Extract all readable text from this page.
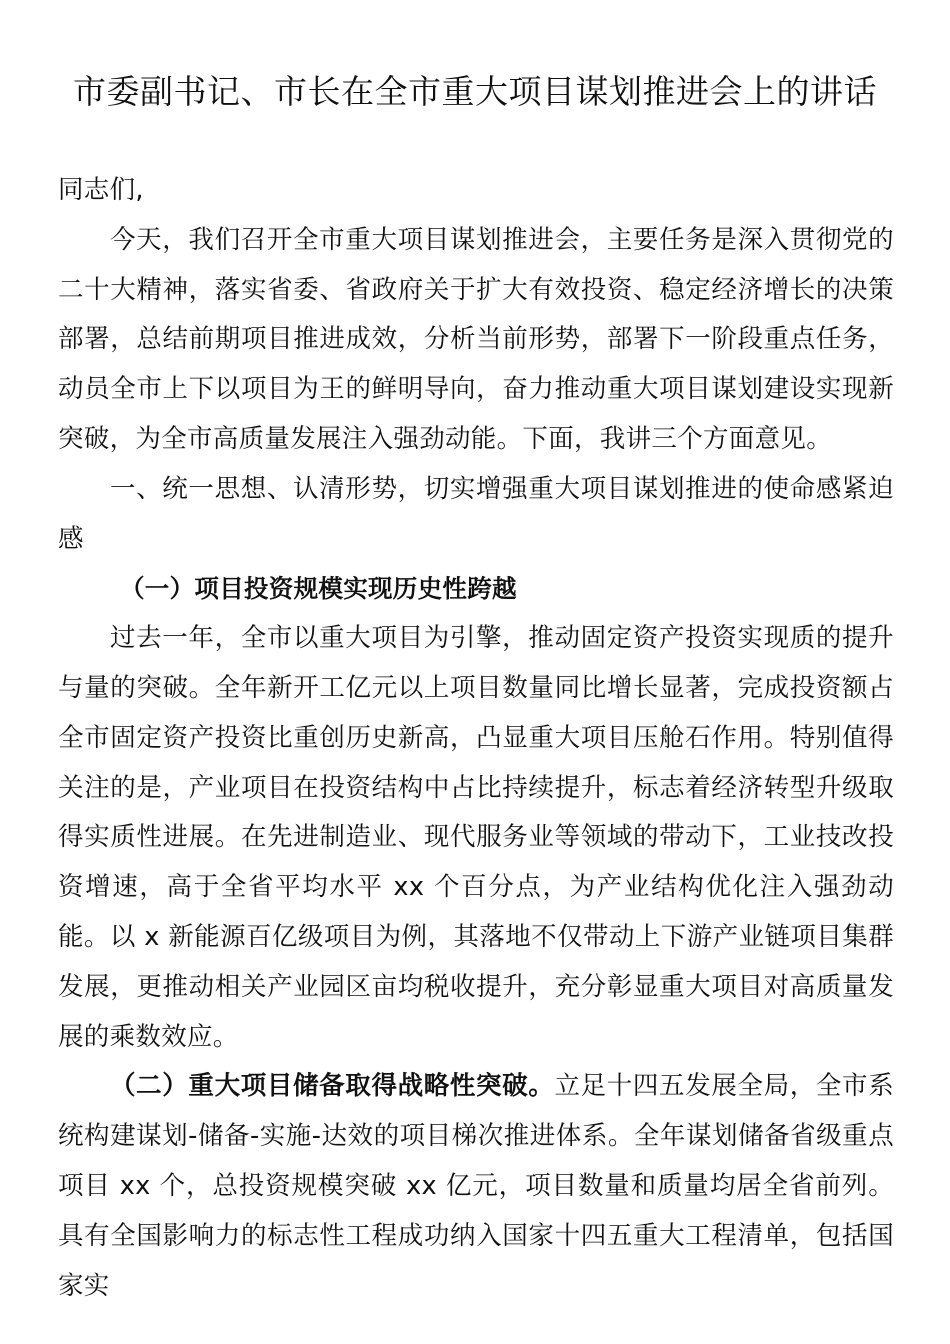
市委副书记、市长在全市重大项目谋划推进会上的讲话

同志们,

今天，我们召开全市重大项目谋划推进会，主要任务是深入贯彻党的二十大精神，落实省委、省政府关于扩大有效投资、稳定经济增长的决策部署，总结前期项目推进成效，分析当前形势，部署下一阶段重点任务，动员全市上下以项目为王的鲜明导向，奋力推动重大项目谋划建设实现新突破，为全市高质量发展注入强劲动能。下面，我讲三个方面意见。

一、统一思想、认清形势，切实增强重大项目谋划推进的使命感紧迫感

（一）项目投资规模实现历史性跨越

过去一年，全市以重大项目为引擎，推动固定资产投资实现质的提升与量的突破。全年新开工亿元以上项目数量同比增长显著，完成投资额占全市固定资产投资比重创历史新高，凸显重大项目压舱石作用。特别值得关注的是，产业项目在投资结构中占比持续提升，标志着经济转型升级取得实质性进展。在先进制造业、现代服务业等领域的带动下，工业技改投资增速，高于全省平均水平 xx 个百分点，为产业结构优化注入强劲动能。以 x 新能源百亿级项目为例，其落地不仅带动上下游产业链项目集群发展，更推动相关产业园区亩均税收提升，充分彰显重大项目对高质量发展的乘数效应。

（二）重大项目储备取得战略性突破。立足十四五发展全局，全市系统构建谋划-储备-实施-达效的项目梯次推进体系。全年谋划储备省级重点项目 xx 个，总投资规模突破 xx 亿元，项目数量和质量均居全省前列。具有全国影响力的标志性工程成功纳入国家十四五重大工程清单，包括国家实
